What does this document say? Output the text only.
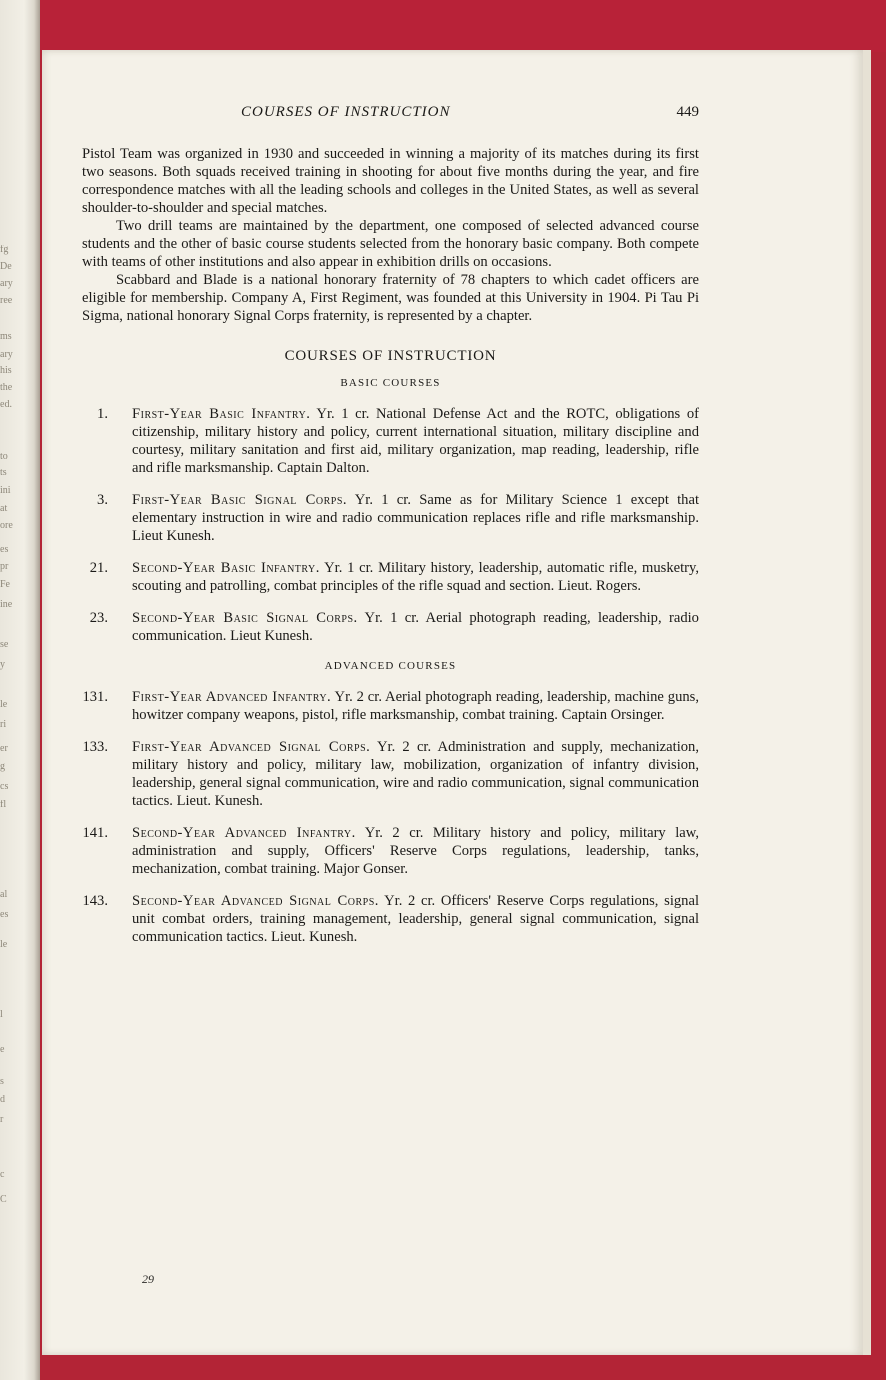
fg
De
ary
ree
ms
ary
his
the
ed.
to
ts
ini
at
ore
es
pr
Fe
ine
se
y
le
ri
er
g
cs
fl
al
es
le
l
e
s
d
r
c
C
COURSES OF INSTRUCTION	449

Pistol Team was organized in 1930 and succeeded in winning a majority of its matches during its first two seasons. Both squads received training in shooting for about five months during the year, and fire correspondence matches with all the leading schools and colleges in the United States, as well as several shoulder-to-shoulder and special matches.

Two drill teams are maintained by the department, one composed of selected advanced course students and the other of basic course students selected from the honorary basic company. Both compete with teams of other institutions and also appear in exhibition drills on occasions.

Scabbard and Blade is a national honorary fraternity of 78 chapters to which cadet officers are eligible for membership. Company A, First Regiment, was founded at this University in 1904. Pi Tau Pi Sigma, national honorary Signal Corps fraternity, is represented by a chapter.

COURSES OF INSTRUCTION
BASIC COURSES
1. First-Year Basic Infantry. Yr. 1 cr. National Defense Act and the ROTC, obligations of citizenship, military history and policy, current international situation, military discipline and courtesy, military sanitation and first aid, military organization, map reading, leadership, rifle and rifle marksmanship. Captain Dalton.
3. First-Year Basic Signal Corps. Yr. 1 cr. Same as for Military Science 1 except that elementary instruction in wire and radio communication replaces rifle and rifle marksmanship. Lieut Kunesh.
21. Second-Year Basic Infantry. Yr. 1 cr. Military history, leadership, automatic rifle, musketry, scouting and patrolling, combat principles of the rifle squad and section. Lieut. Rogers.
23. Second-Year Basic Signal Corps. Yr. 1 cr. Aerial photograph reading, leadership, radio communication. Lieut Kunesh.
ADVANCED COURSES
131. First-Year Advanced Infantry. Yr. 2 cr. Aerial photograph reading, leadership, machine guns, howitzer company weapons, pistol, rifle marksmanship, combat training. Captain Orsinger.
133. First-Year Advanced Signal Corps. Yr. 2 cr. Administration and supply, mechanization, military history and policy, military law, mobilization, organization of infantry division, leadership, general signal communication, wire and radio communication, signal communication tactics. Lieut. Kunesh.
141. Second-Year Advanced Infantry. Yr. 2 cr. Military history and policy, military law, administration and supply, Officers' Reserve Corps regulations, leadership, tanks, mechanization, combat training. Major Gonser.
143. Second-Year Advanced Signal Corps. Yr. 2 cr. Officers' Reserve Corps regulations, signal unit combat orders, training management, leadership, general signal communication, signal communication tactics. Lieut. Kunesh.
29
